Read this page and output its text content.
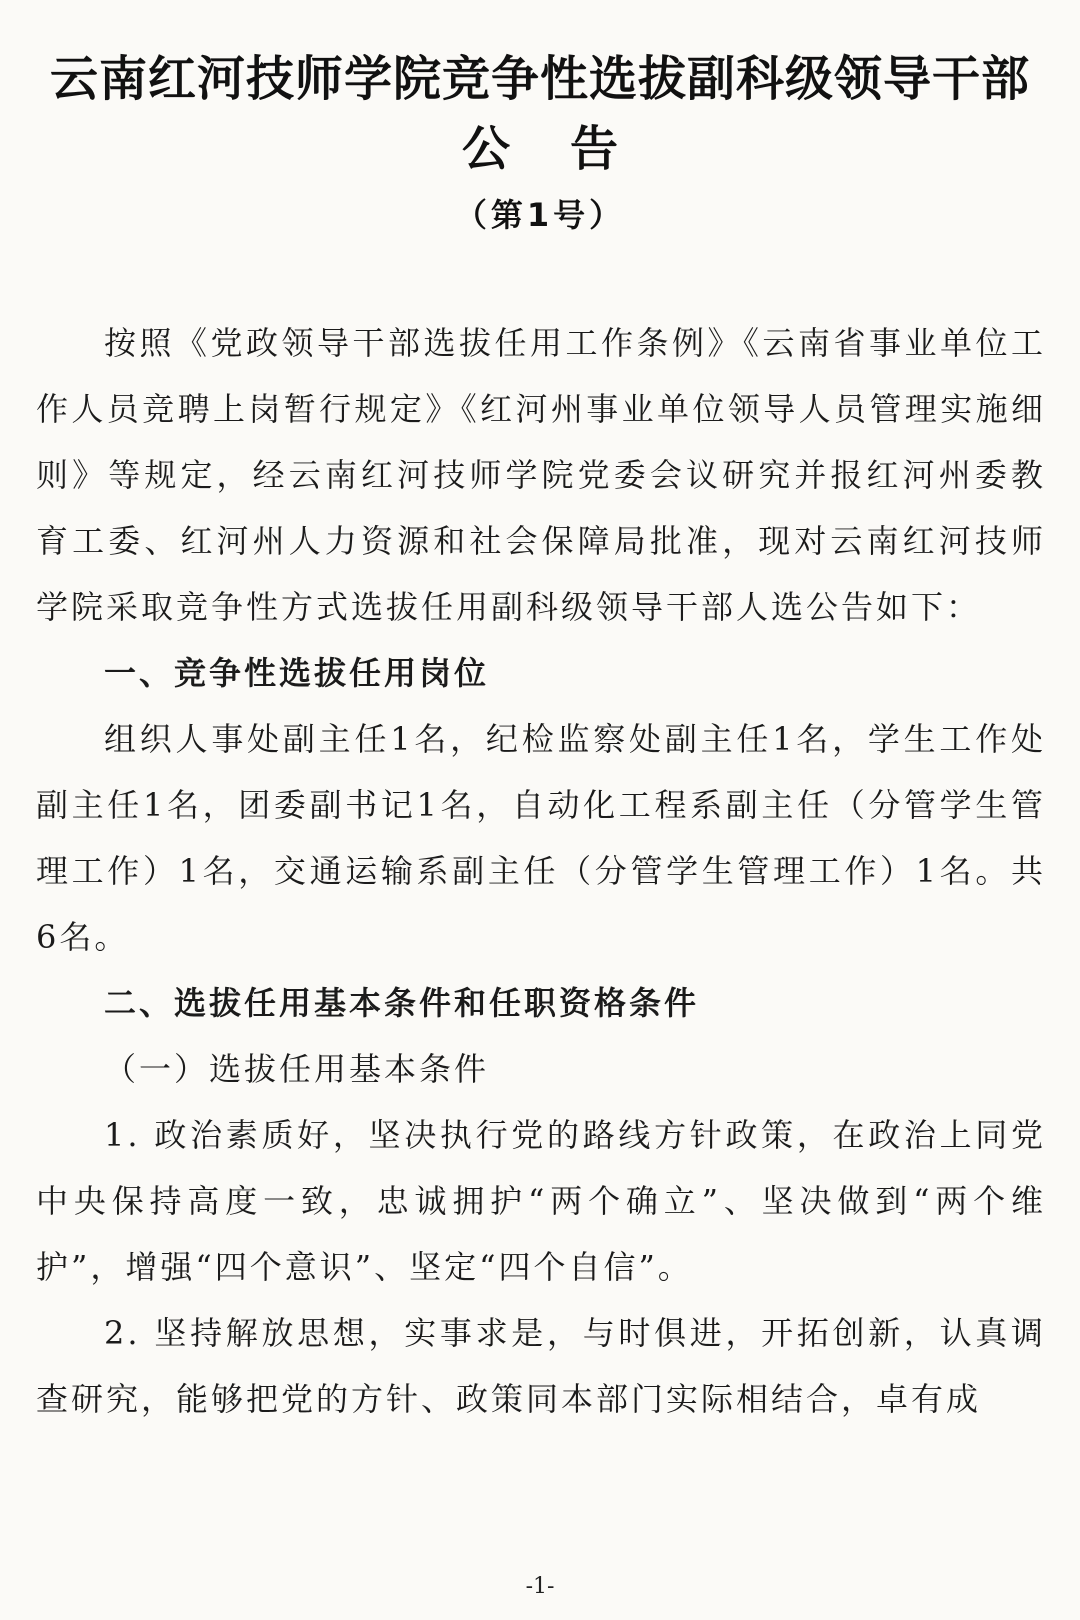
云南红河技师学院竞争性选拔副科级领导干部
公告
（第1号）

按照《党政领导干部选拔任用工作条例》《云南省事业单位工作人员竞聘上岗暂行规定》《红河州事业单位领导人员管理实施细则》等规定，经云南红河技师学院党委会议研究并报红河州委教育工委、红河州人力资源和社会保障局批准，现对云南红河技师学院采取竞争性方式选拔任用副科级领导干部人选公告如下：

一、竞争性选拔任用岗位

组织人事处副主任1名，纪检监察处副主任1名，学生工作处副主任1名，团委副书记1名，自动化工程系副主任（分管学生管理工作）1名，交通运输系副主任（分管学生管理工作）1名。共6名。

二、选拔任用基本条件和任职资格条件
（一）选拔任用基本条件

1. 政治素质好，坚决执行党的路线方针政策，在政治上同党中央保持高度一致，忠诚拥护“两个确立”、坚决做到“两个维护”，增强“四个意识”、坚定“四个自信”。

2. 坚持解放思想，实事求是，与时俱进，开拓创新，认真调查研究，能够把党的方针、政策同本部门实际相结合，卓有成

-1-
